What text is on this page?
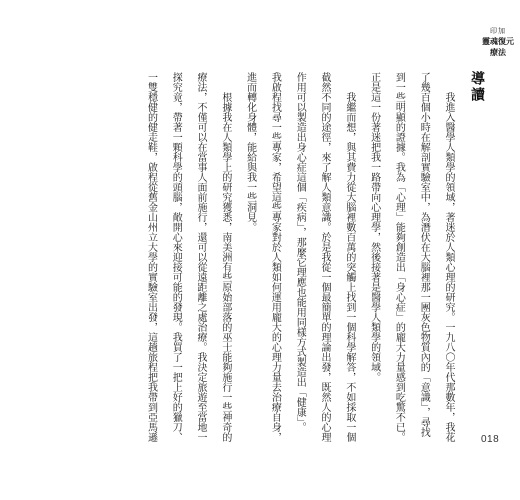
印加
靈魂復元
療法
導讀
我進入醫學人類學的領域，著迷於人類心理的研究。一九八〇年代那數年，我花
了幾百個小時在解剖實驗室中，為潛伏在大腦裡那一團灰色物質內的「意識」，尋找
到一些明顯的證據。我為「心理」能夠創造出「身心症」的龐大力量感到吃驚不已。
正是這一份著迷把我一路帶向心理學，然後接著是醫學人類學的領域。
我繼而想，與其費力從大腦裡數百萬的突觸上找到一個科學解答，不如採取一個
截然不同的途徑，來了解人類意識。於是我從一個最簡單的理論出發，既然人的心理
作用可以製造出身心症這個「疾病」，那麼它理應也能用同樣方式製造出「健康」。
我啟程找尋一些專家，希望這些專家對於人類如何運用龐大的心理力量去治療自身，
進而轉化身體，能給與我一些洞見。
根據我在人類學上的研究獲悉，南美洲有些原始部落的巫士能夠施行一些神奇的
療法，不僅可以在當事人面前施行，還可以從遠距離之處治療。我決定旅遊至當地一
探究竟，帶著一顆科學的頭腦，敞開心來迎接可能的發現。我買了一把上好的獵刀、
一雙穩健的健走鞋，啟程從舊金山州立大學的實驗室出發，這趟旅程把我帶到亞馬遜	018
